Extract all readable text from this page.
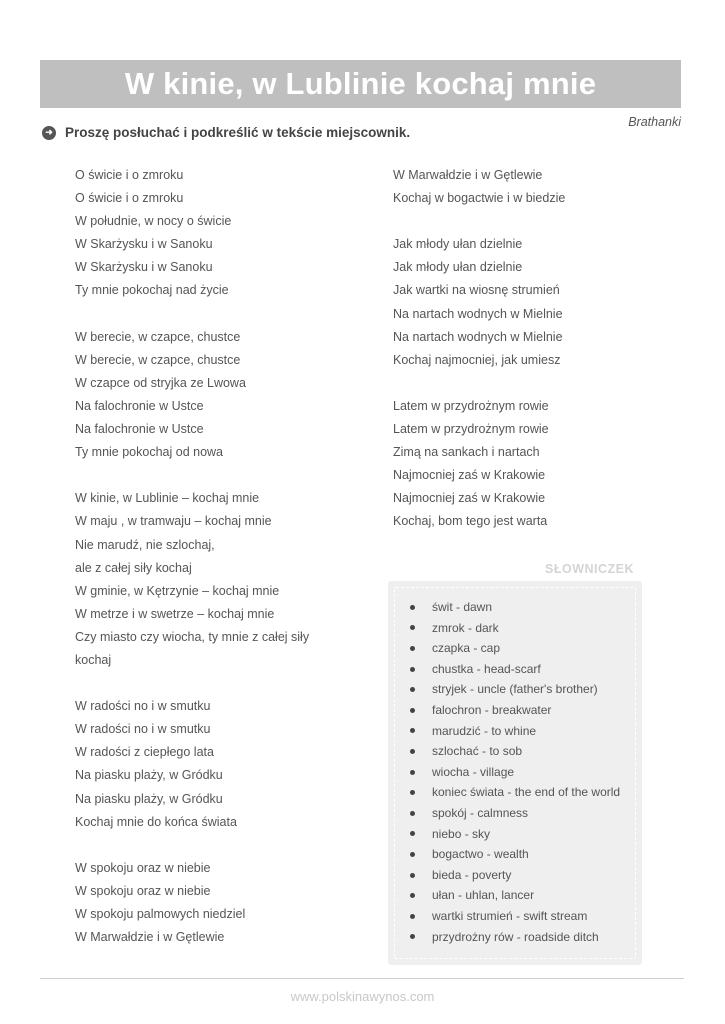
W kinie, w Lublinie kochaj mnie
Brathanki
➜ Proszę posłuchać i podkreślić w tekście miejscownik.
O świcie i o zmroku
O świcie i o zmroku
W południe, w nocy o świcie
W Skarżysku i w Sanoku
W Skarżysku i w Sanoku
Ty mnie pokochaj nad życie
W berecie, w czapce, chustce
W berecie, w czapce, chustce
W czapce od stryjka ze Lwowa
Na falochronie w Ustce
Na falochronie w Ustce
Ty mnie pokochaj od nowa
W kinie, w Lublinie – kochaj mnie
W maju , w tramwaju – kochaj mnie
Nie marudź, nie szlochaj,
ale z całej siły kochaj
W gminie, w Kętrzynie – kochaj mnie
W metrze i w swetrze – kochaj mnie
Czy miasto czy wiocha, ty mnie z całej siły
kochaj
W radości no i w smutku
W radości no i w smutku
W radości z ciepłego lata
Na piasku plaży, w Gródku
Na piasku plaży, w Gródku
Kochaj mnie do końca świata
W spokoju oraz w niebie
W spokoju oraz w niebie
W spokoju palmowych niedziel
W Marwałdzie i w Gętlewie
W Marwałdzie i w Gętlewie
Kochaj w bogactwie i w biedzie
Jak młody ułan dzielnie
Jak młody ułan dzielnie
Jak wartki na wiosnę strumień
Na nartach wodnych w Mielnie
Na nartach wodnych w Mielnie
Kochaj najmocniej, jak umiesz
Latem w przydrożnym rowie
Latem w przydrożnym rowie
Zimą na sankach i nartach
Najmocniej zaś w Krakowie
Najmocniej zaś w Krakowie
Kochaj, bom tego jest warta
SŁOWNICZEK
świt - dawn
zmrok - dark
czapka - cap
chustka - head-scarf
stryjek - uncle (father's brother)
falochron - breakwater
marudzić - to whine
szlochać - to sob
wiocha - village
koniec świata - the end of the world
spokój - calmness
niebo - sky
bogactwo - wealth
bieda - poverty
ułan - uhlan, lancer
wartki strumień - swift stream
przydrożny rów - roadside ditch
www.polskinawynos.com
